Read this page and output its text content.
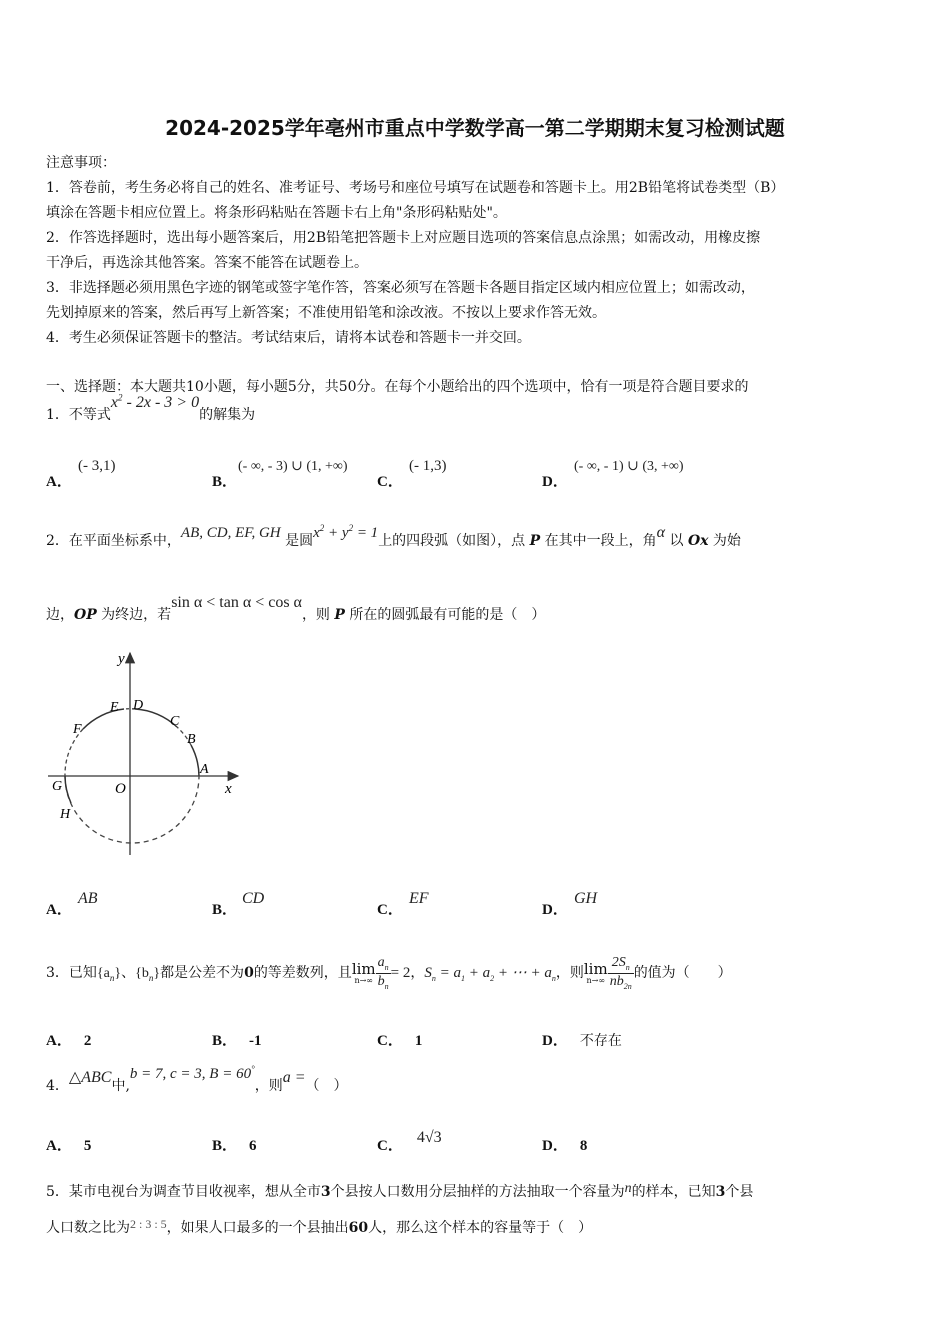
2024-2025学年亳州市重点中学数学高一第二学期期末复习检测试题
注意事项：
1．答卷前，考生务必将自己的姓名、准考证号、考场号和座位号填写在试题卷和答题卡上。用2B铅笔将试卷类型（B）
填涂在答题卡相应位置上。将条形码粘贴在答题卡右上角"条形码粘贴处"。
2．作答选择题时，选出每小题答案后，用2B铅笔把答题卡上对应题目选项的答案信息点涂黑；如需改动，用橡皮擦
干净后，再选涂其他答案。答案不能答在试题卷上。
3．非选择题必须用黑色字迹的钢笔或签字笔作答，答案必须写在答题卡各题目指定区域内相应位置上；如需改动，
先划掉原来的答案，然后再写上新答案；不准使用铅笔和涂改液。不按以上要求作答无效。
4．考生必须保证答题卡的整洁。考试结束后，请将本试卷和答题卡一并交回。
一、选择题：本大题共10小题，每小题5分，共50分。在每个小题给出的四个选项中，恰有一项是符合题目要求的
1．不等式$x^2 - 2x - 3 > 0$的解集为
A．
(- 3,1)
B．
(- ∞, - 3) ∪ (1, +∞)
C．
(- 1,3)
D．
(- ∞, - 1) ∪ (3, +∞)
2．在平面坐标系中，AB, CD, EF, GH 是圆$x^2 + y^2 = 1$上的四段弧（如图），点 P 在其中一段上，角α 以 Ox 为始
边，OP 为终边，若sin α < tan α < cos α，则 P 所在的圆弧最有可能的是（　）
y
x
O
A
B
C
D
E
F
G
H
A．
AB
B．
CD
C．
EF
D．
GH
3．已知$\{a_n\}$、$\{b_n\}$都是公差不为0的等差数列，且lim
$n\to\infty \frac{a_n}{b_n} = 2$，$S_n = a_1 + a_2$ + ⋯ + $a_n$，则lim
$n\to\infty \frac{2S_n}{nb_{2n}}$ 的值为（　　）
A． 2	B． -1	C． 1	D． 不存在
4．△ABC中,b = 7, c = 3, B = 60°，则a =（　）
A． 5	B． 6	C． 4√3	D． 8
5．某市电视台为调查节目收视率，想从全市3个县按人口数用分层抽样的方法抽取一个容量为n的样本，已知3个县
人口数之比为2 : 3 : 5，如果人口最多的一个县抽出60人，那么这个样本的容量等于（　）
